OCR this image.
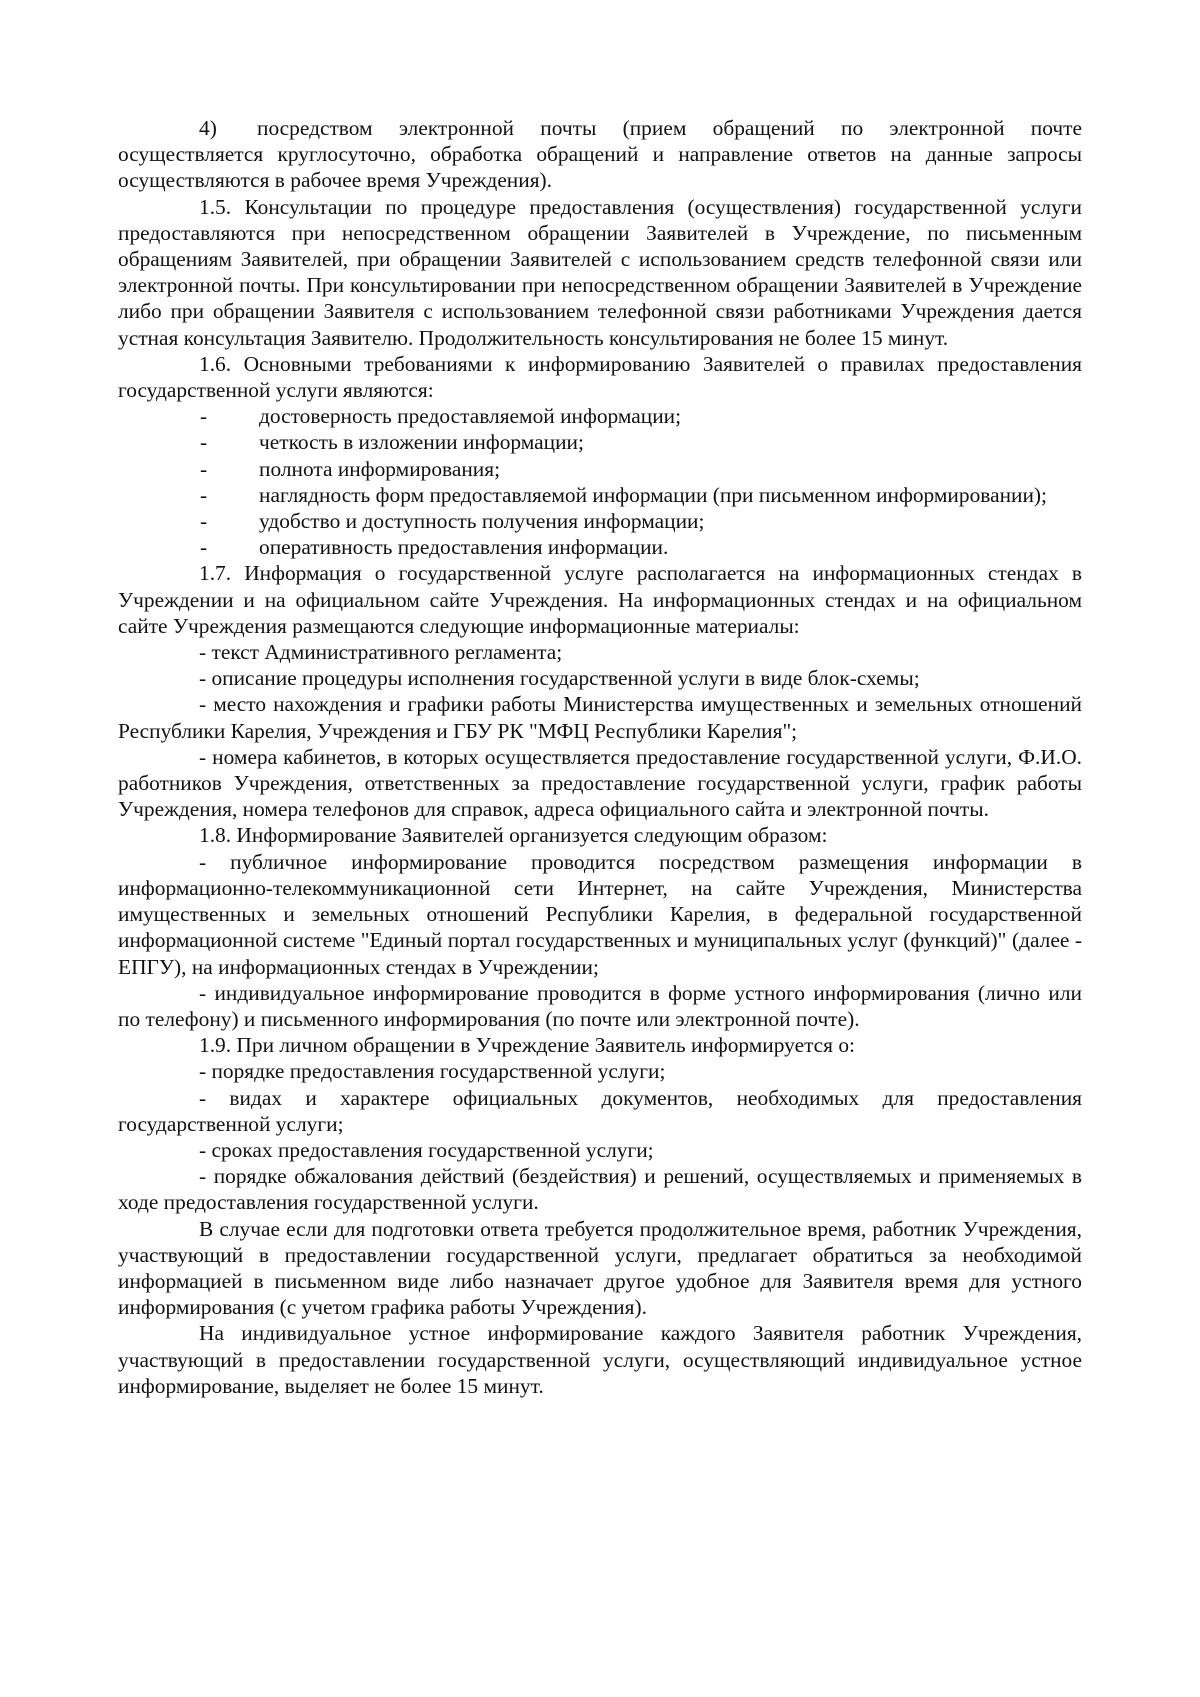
4) посредством электронной почты (прием обращений по электронной почте осуществляется круглосуточно, обработка обращений и направление ответов на данные запросы осуществляются в рабочее время Учреждения).

1.5. Консультации по процедуре предоставления (осуществления) государственной услуги предоставляются при непосредственном обращении Заявителей в Учреждение, по письменным обращениям Заявителей, при обращении Заявителей с использованием средств телефонной связи или электронной почты. При консультировании при непосредственном обращении Заявителей в Учреждение либо при обращении Заявителя с использованием телефонной связи работниками Учреждения дается устная консультация Заявителю. Продолжительность консультирования не более 15 минут.

1.6. Основными требованиями к информированию Заявителей о правилах предоставления государственной услуги являются:

- достоверность предоставляемой информации;
- четкость в изложении информации;
- полнота информирования;
- наглядность форм предоставляемой информации (при письменном информировании);
- удобство и доступность получения информации;
- оперативность предоставления информации.

1.7. Информация о государственной услуге располагается на информационных стендах в Учреждении и на официальном сайте Учреждения. На информационных стендах и на официальном сайте Учреждения размещаются следующие информационные материалы:

- текст Административного регламента;

- описание процедуры исполнения государственной услуги в виде блок-схемы;

- место нахождения и графики работы Министерства имущественных и земельных отношений Республики Карелия, Учреждения и ГБУ РК "МФЦ Республики Карелия";

- номера кабинетов, в которых осуществляется предоставление государственной услуги, Ф.И.О. работников Учреждения, ответственных за предоставление государственной услуги, график работы Учреждения, номера телефонов для справок, адреса официального сайта и электронной почты.

1.8. Информирование Заявителей организуется следующим образом:

- публичное информирование проводится посредством размещения информации в информационно-телекоммуникационной сети Интернет, на сайте Учреждения, Министерства имущественных и земельных отношений Республики Карелия, в федеральной государственной информационной системе "Единый портал государственных и муниципальных услуг (функций)" (далее - ЕПГУ), на информационных стендах в Учреждении;

- индивидуальное информирование проводится в форме устного информирования (лично или по телефону) и письменного информирования (по почте или электронной почте).

1.9. При личном обращении в Учреждение Заявитель информируется о:

- порядке предоставления государственной услуги;

- видах и характере официальных документов, необходимых для предоставления государственной услуги;

- сроках предоставления государственной услуги;

- порядке обжалования действий (бездействия) и решений, осуществляемых и применяемых в ходе предоставления государственной услуги.

В случае если для подготовки ответа требуется продолжительное время, работник Учреждения, участвующий в предоставлении государственной услуги, предлагает обратиться за необходимой информацией в письменном виде либо назначает другое удобное для Заявителя время для устного информирования (с учетом графика работы Учреждения).

На индивидуальное устное информирование каждого Заявителя работник Учреждения, участвующий в предоставлении государственной услуги, осуществляющий индивидуальное устное информирование, выделяет не более 15 минут.
